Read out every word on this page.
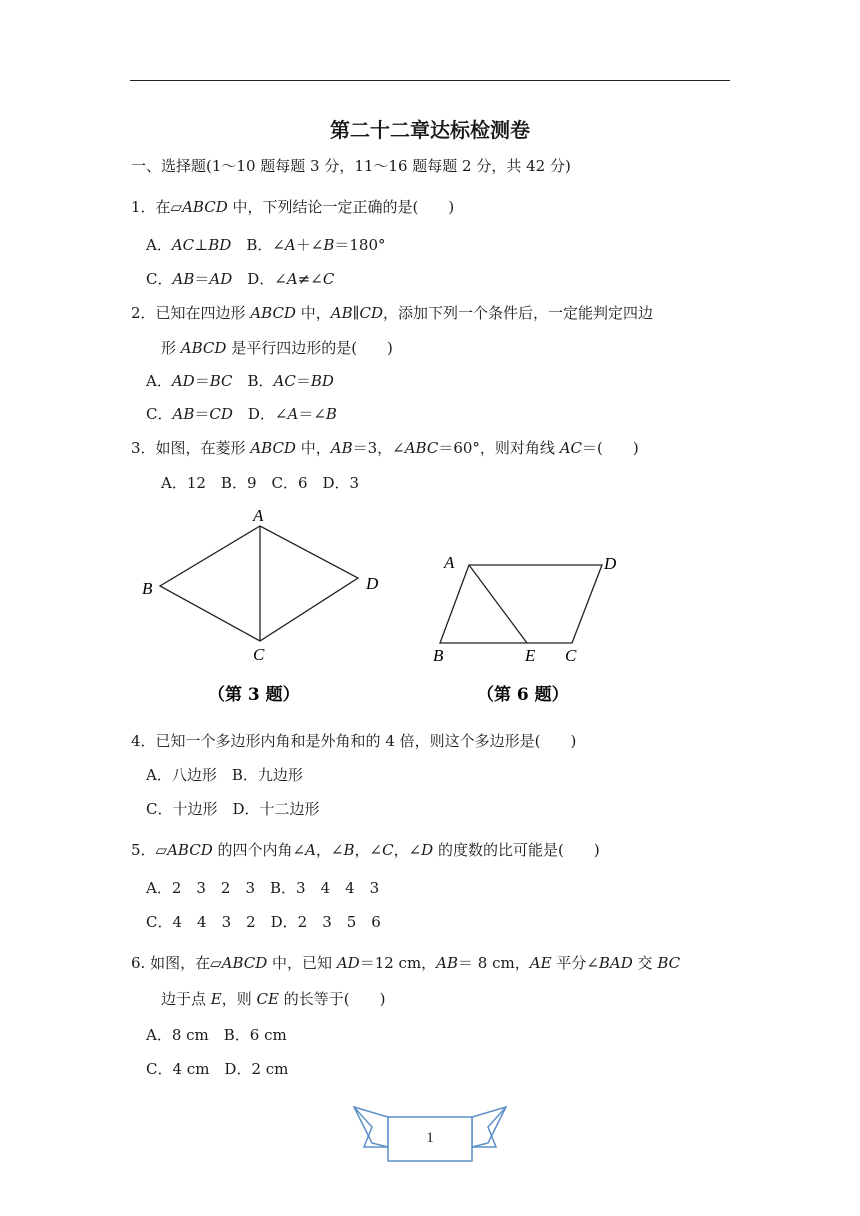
第二十二章达标检测卷
一、选择题(1～10 题每题 3 分，11～16 题每题 2 分，共 42 分)
1．在▱ABCD 中，下列结论一定正确的是(　　)
A．AC⊥BD　B．∠A＋∠B＝180°
C．AB＝AD　D．∠A≠∠C
2．已知在四边形 ABCD 中，AB∥CD，添加下列一个条件后，一定能判定四边
形 ABCD 是平行四边形的是(　　)
A．AD＝BC　B．AC＝BD
C．AB＝CD　D．∠A＝∠B
3．如图，在菱形 ABCD 中，AB＝3，∠ABC＝60°，则对角线 AC＝(　　)
A．12　B．9　C．6　D．3
A
B
C
D
（第 3 题）
A	D
B	E C
（第 6 题）
4．已知一个多边形内角和是外角和的 4 倍，则这个多边形是(　　)
A．八边形　B．九边形
C．十边形　D．十二边形
5．▱ABCD 的四个内角∠A，∠B，∠C，∠D 的度数的比可能是(　　)
A．2　3　2　3　B．3　4　4　3
C．4　4　3　2　D．2　3　5　6
6. 如图，在▱ABCD 中，已知 AD＝12 cm，AB＝ 8 cm，AE 平分∠BAD 交 BC
边于点 E，则 CE 的长等于(　　)
A．8 cm　B．6 cm
C．4 cm　D．2 cm
1
